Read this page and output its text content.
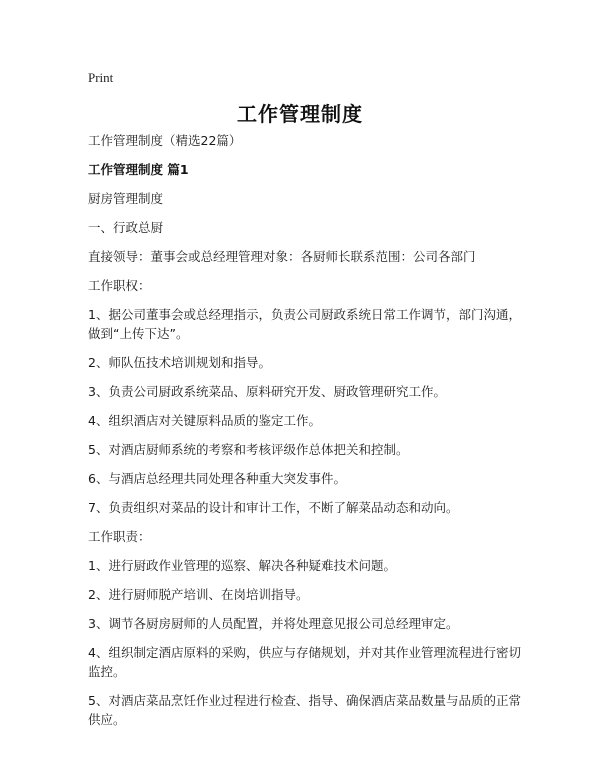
Print
工作管理制度

工作管理制度（精选22篇）

工作管理制度 篇1

厨房管理制度

一、行政总厨

直接领导：董事会或总经理管理对象：各厨师长联系范围：公司各部门

工作职权：

1、据公司董事会或总经理指示，负责公司厨政系统日常工作调节，部门沟通，做到“上传下达”。

2、师队伍技术培训规划和指导。

3、负责公司厨政系统菜品、原料研究开发、厨政管理研究工作。

4、组织酒店对关键原料品质的鉴定工作。

5、对酒店厨师系统的考察和考核评级作总体把关和控制。

6、与酒店总经理共同处理各种重大突发事件。

7、负责组织对菜品的设计和审计工作，不断了解菜品动态和动向。

工作职责：

1、进行厨政作业管理的巡察、解决各种疑难技术问题。

2、进行厨师脱产培训、在岗培训指导。

3、调节各厨房厨师的人员配置，并将处理意见报公司总经理审定。

4、组织制定酒店原料的采购，供应与存储规划，并对其作业管理流程进行密切监控。

5、对酒店菜品烹饪作业过程进行检查、指导、确保酒店菜品数量与品质的正常供应。
